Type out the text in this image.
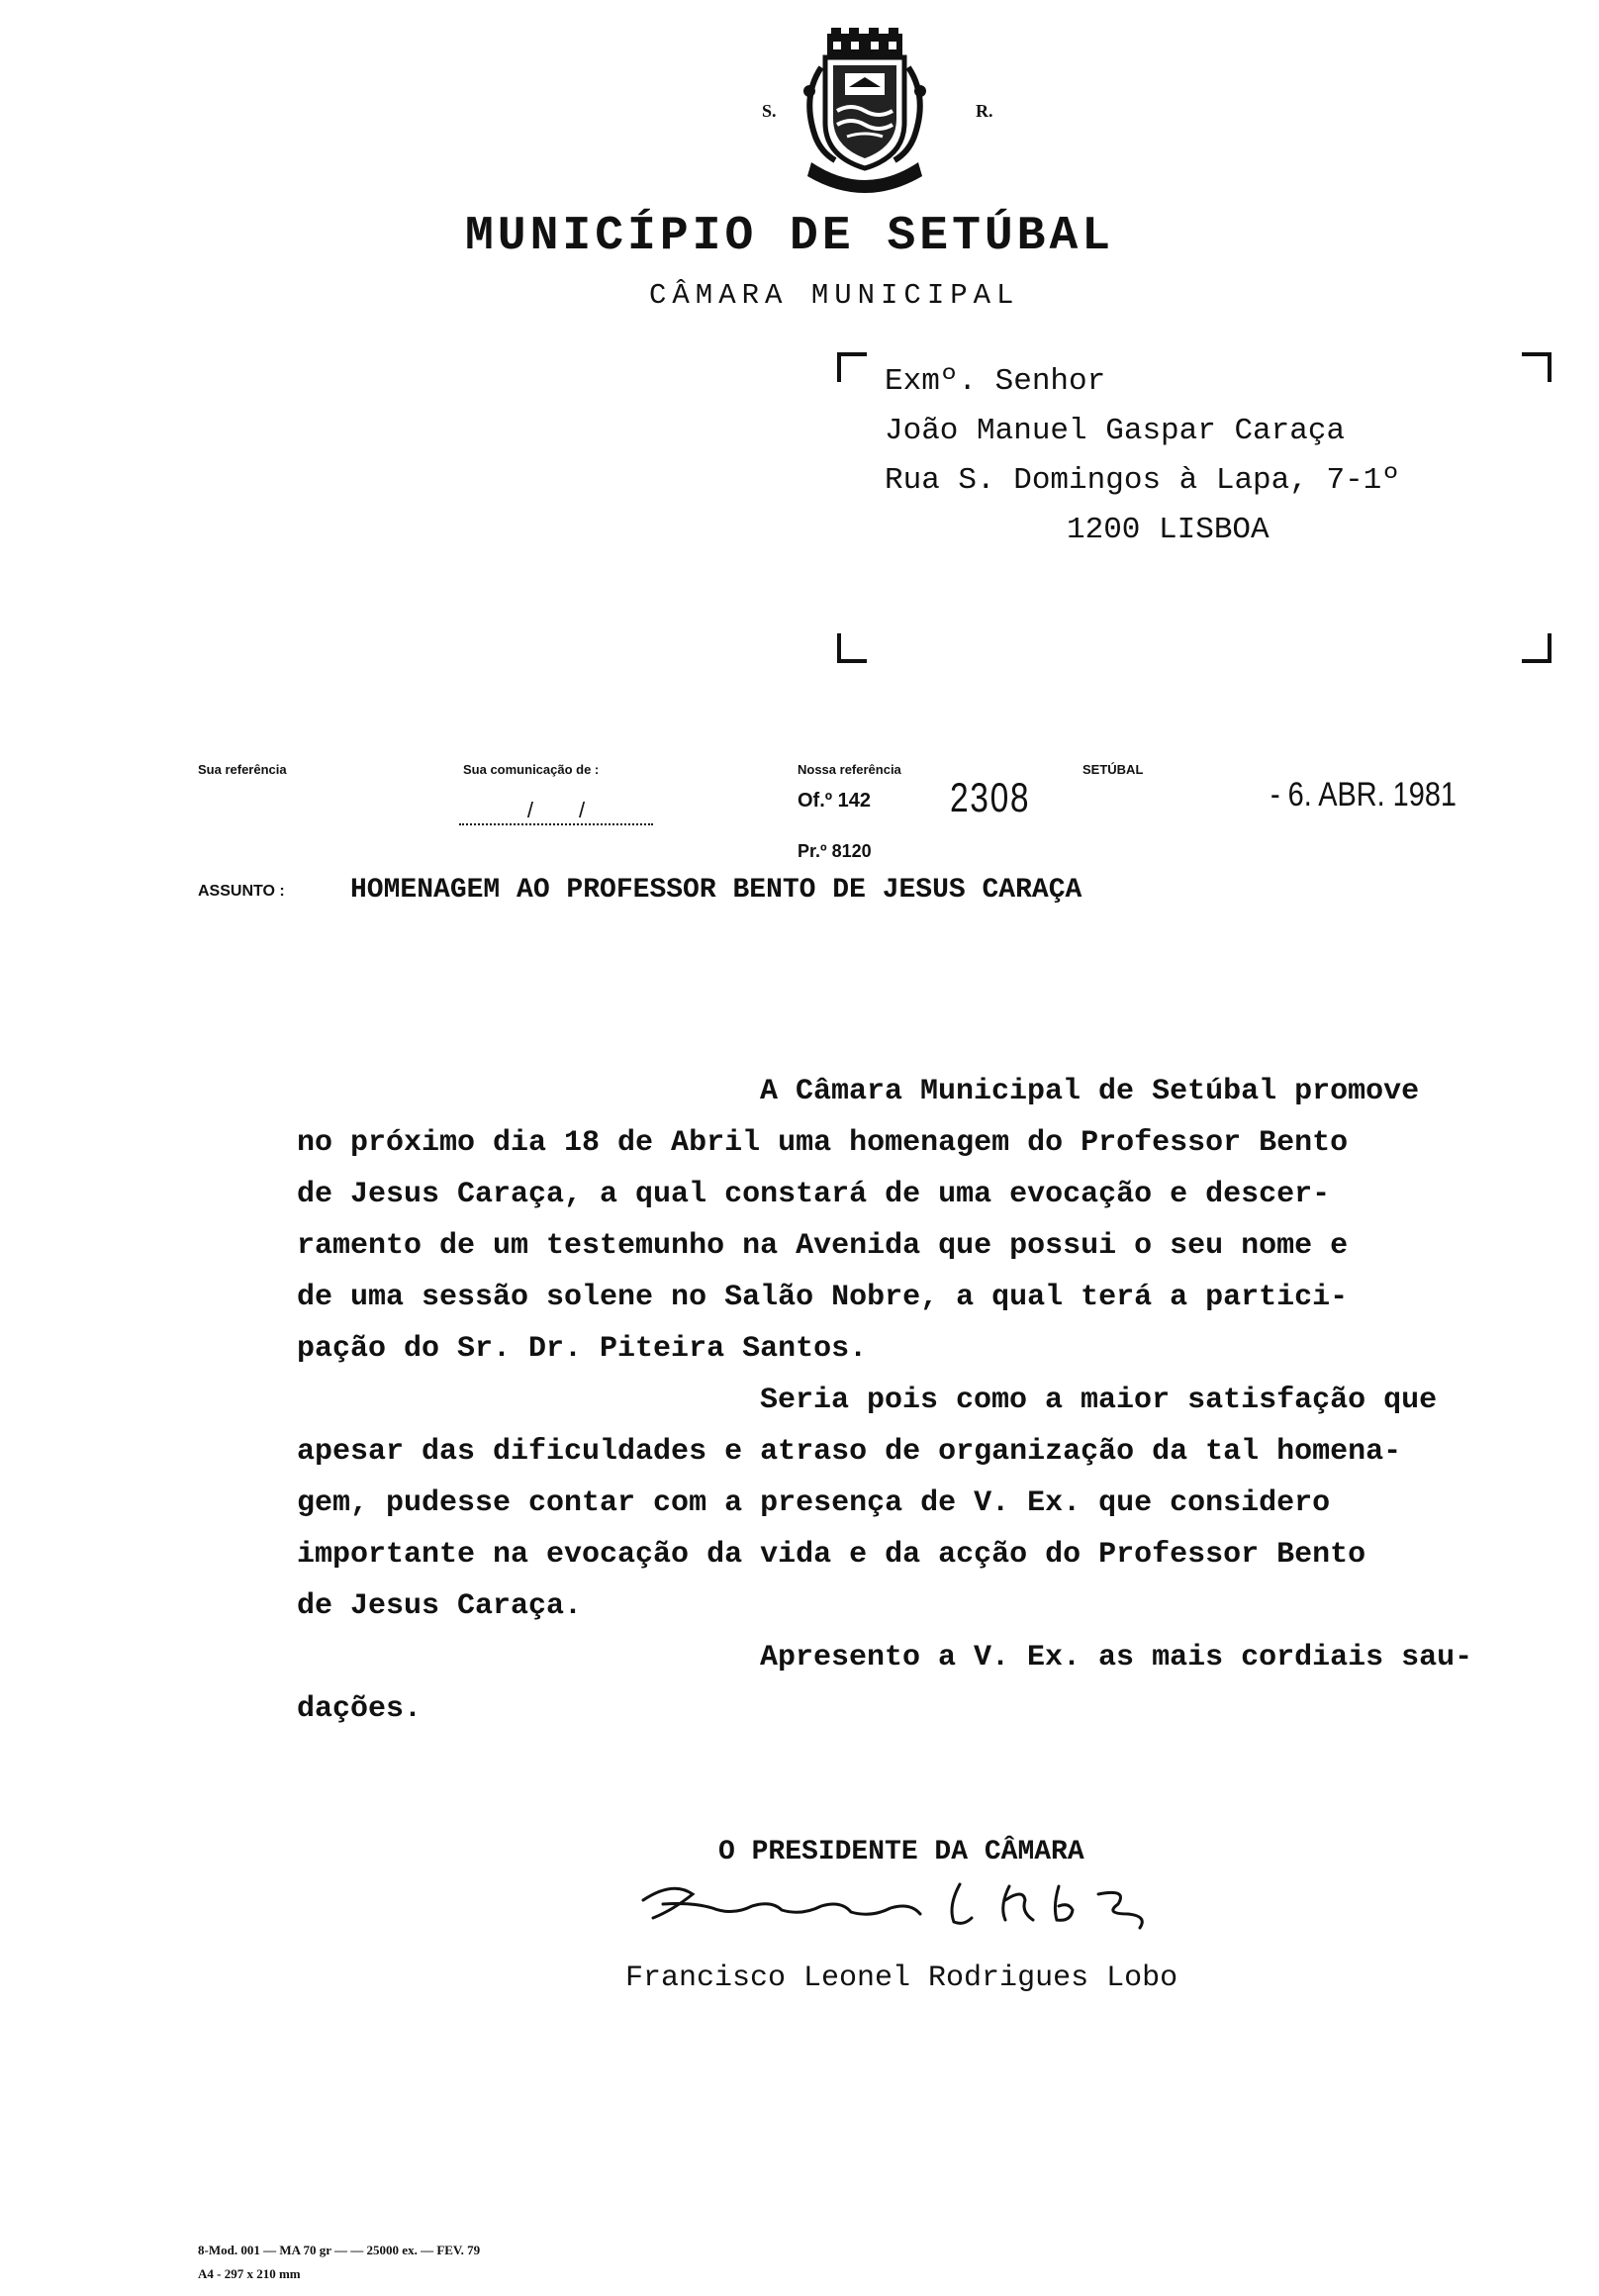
S.	R.
MUNICÍPIO DE SETÚBAL
CÂMARA MUNICIPAL
Exmº. Senhor
João Manuel Gaspar Caraça
Rua S. Domingos à Lapa, 7-1º
1200 LISBOA
Sua referência	Sua comunicação de :
/ /
Nossa referência
Of.º 142 2308
Pr.º 8120
SETÚBAL
- 6. ABR. 1981
ASSUNTO : HOMENAGEM AO PROFESSOR BENTO DE JESUS CARAÇA
A Câmara Municipal de Setúbal promove
no próximo dia 18 de Abril uma homenagem do Professor Bento
de Jesus Caraça, a qual constará de uma evocação e descer-
ramento de um testemunho na Avenida que possui o seu nome e
de uma sessão solene no Salão Nobre, a qual terá a partici-
pação do Sr. Dr. Piteira Santos.
Seria pois como a maior satisfação que
apesar das dificuldades e atraso de organização da tal homena-
gem, pudesse contar com a presença de V. Ex. que considero
importante na evocação da vida e da acção do Professor Bento
de Jesus Caraça.
Apresento a V. Ex. as mais cordiais sau-
dações.
O PRESIDENTE DA CÂMARA
Francisco Leonel Rodrigues Lobo
8-Mod. 001 — MA 70 gr — — 25000 ex. — FEV. 79
A4 - 297 x 210 mm
